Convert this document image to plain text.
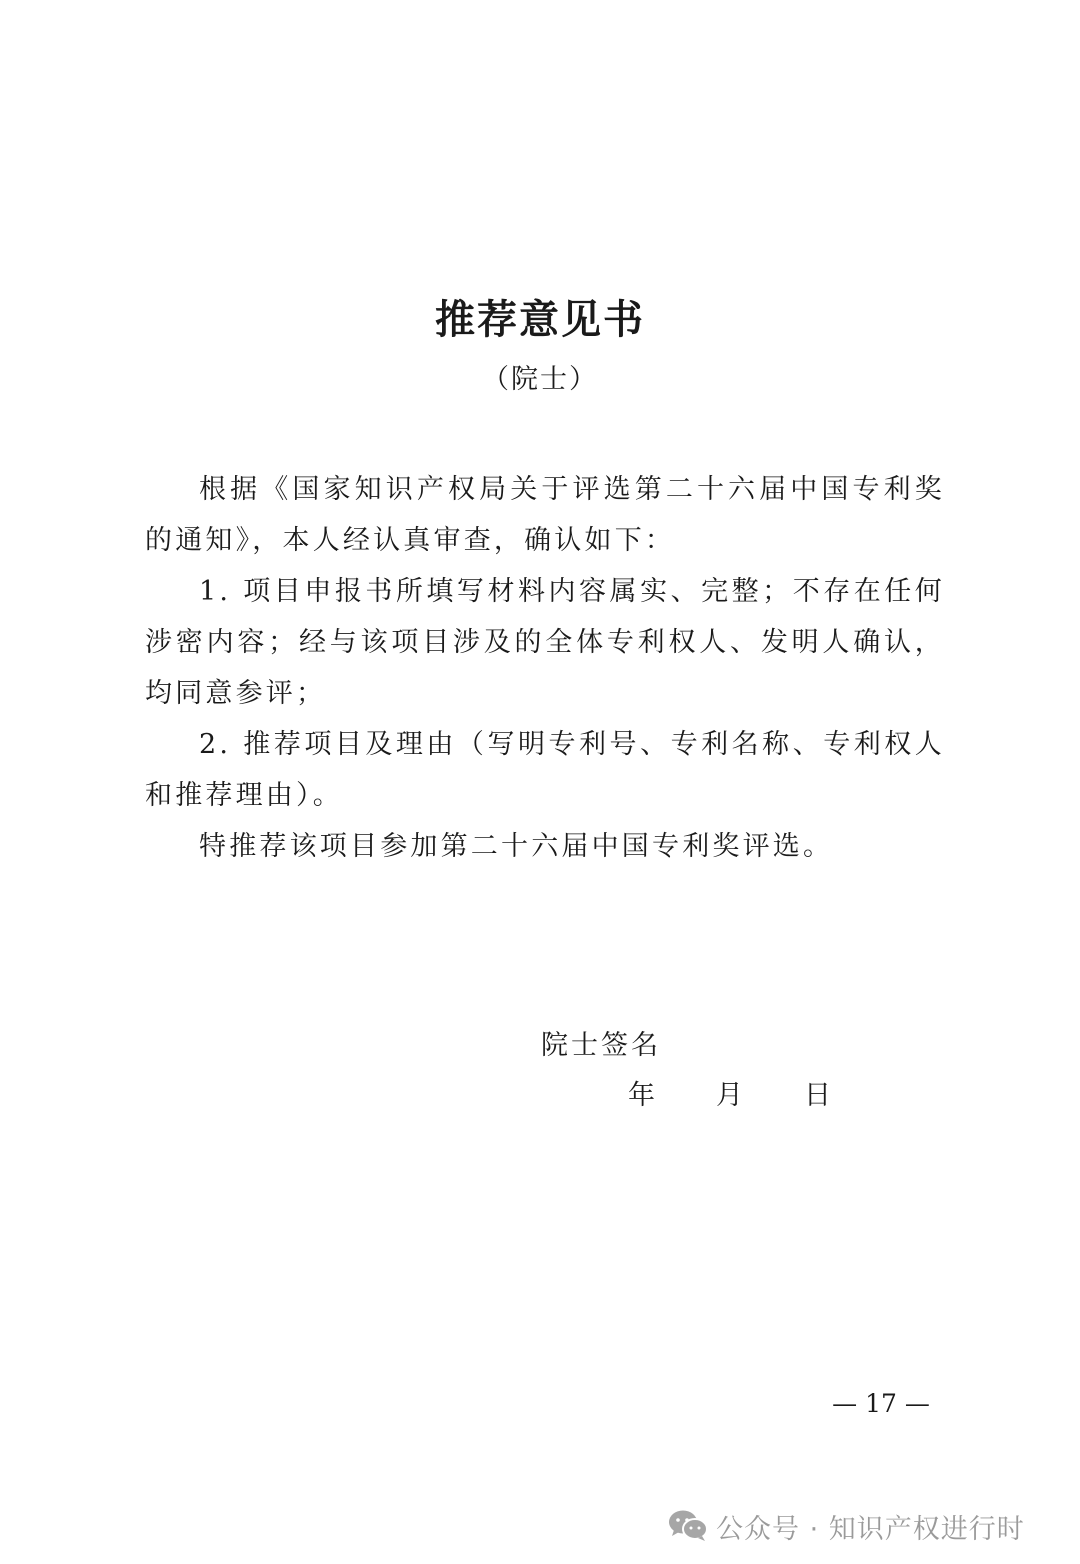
推荐意见书
（院士）

根据《国家知识产权局关于评选第二十六届中国专利奖的通知》，本人经认真审查，确认如下：

1. 项目申报书所填写材料内容属实、完整；不存在任何涉密内容；经与该项目涉及的全体专利权人、发明人确认，均同意参评；

2. 推荐项目及理由（写明专利号、专利名称、专利权人和推荐理由）。

特推荐该项目参加第二十六届中国专利奖评选。

院士签名
年 月 日
— 17 —
公众号 · 知识产权进行时
